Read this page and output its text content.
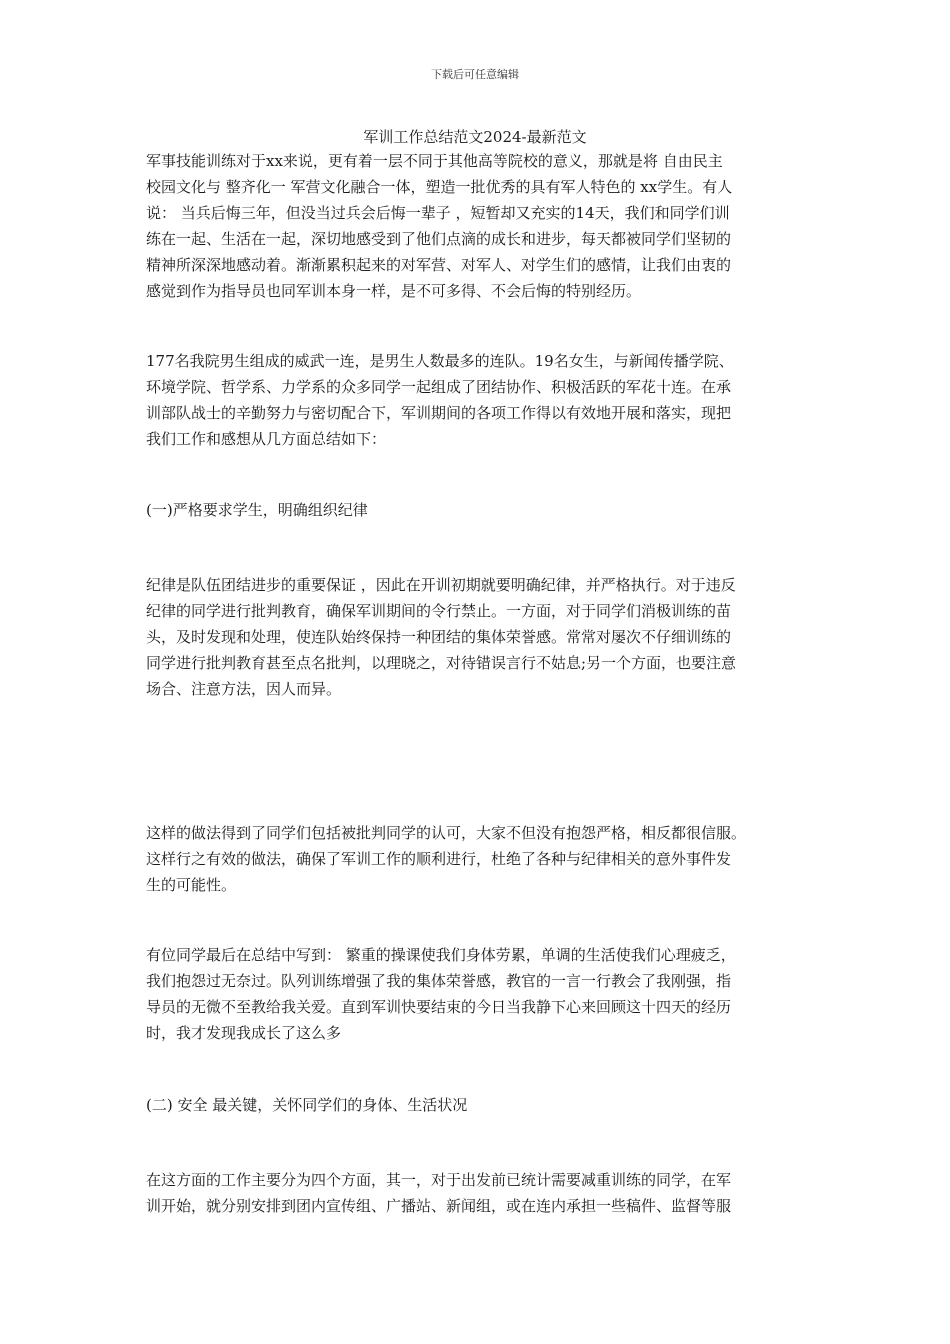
下载后可任意编辑
军训工作总结范文2024-最新范文

军事技能训练对于xx来说，更有着一层不同于其他高等院校的意义，那就是将 自由民主
校园文化与 整齐化一 军营文化融合一体，塑造一批优秀的具有军人特色的 xx学生。有人
说： 当兵后悔三年，但没当过兵会后悔一辈子 ，短暂却又充实的14天，我们和同学们训
练在一起、生活在一起，深切地感受到了他们点滴的成长和进步，每天都被同学们坚韧的
精神所深深地感动着。渐渐累积起来的对军营、对军人、对学生们的感情，让我们由衷的
感觉到作为指导员也同军训本身一样，是不可多得、不会后悔的特别经历。

177名我院男生组成的威武一连，是男生人数最多的连队。19名女生，与新闻传播学院、
环境学院、哲学系、力学系的众多同学一起组成了团结协作、积极活跃的军花十连。在承
训部队战士的辛勤努力与密切配合下，军训期间的各项工作得以有效地开展和落实，现把
我们工作和感想从几方面总结如下：

(一)严格要求学生，明确组织纪律

纪律是队伍团结进步的重要保证 ，因此在开训初期就要明确纪律，并严格执行。对于违反
纪律的同学进行批判教育，确保军训期间的令行禁止。一方面，对于同学们消极训练的苗
头，及时发现和处理，使连队始终保持一种团结的集体荣誉感。常常对屡次不仔细训练的
同学进行批判教育甚至点名批判，以理晓之，对待错误言行不姑息;另一个方面，也要注意
场合、注意方法，因人而异。

这样的做法得到了同学们包括被批判同学的认可，大家不但没有抱怨严格，相反都很信服。
这样行之有效的做法，确保了军训工作的顺利进行，杜绝了各种与纪律相关的意外事件发
生的可能性。

有位同学最后在总结中写到： 繁重的操课使我们身体劳累，单调的生活使我们心理疲乏，
我们抱怨过无奈过。队列训练增强了我的集体荣誉感，教官的一言一行教会了我刚强，指
导员的无微不至教给我关爱。直到军训快要结束的今日当我静下心来回顾这十四天的经历
时，我才发现我成长了这么多

(二) 安全 最关键，关怀同学们的身体、生活状况

在这方面的工作主要分为四个方面，其一，对于出发前已统计需要减重训练的同学，在军
训开始，就分别安排到团内宣传组、广播站、新闻组，或在连内承担一些稿件、监督等服
